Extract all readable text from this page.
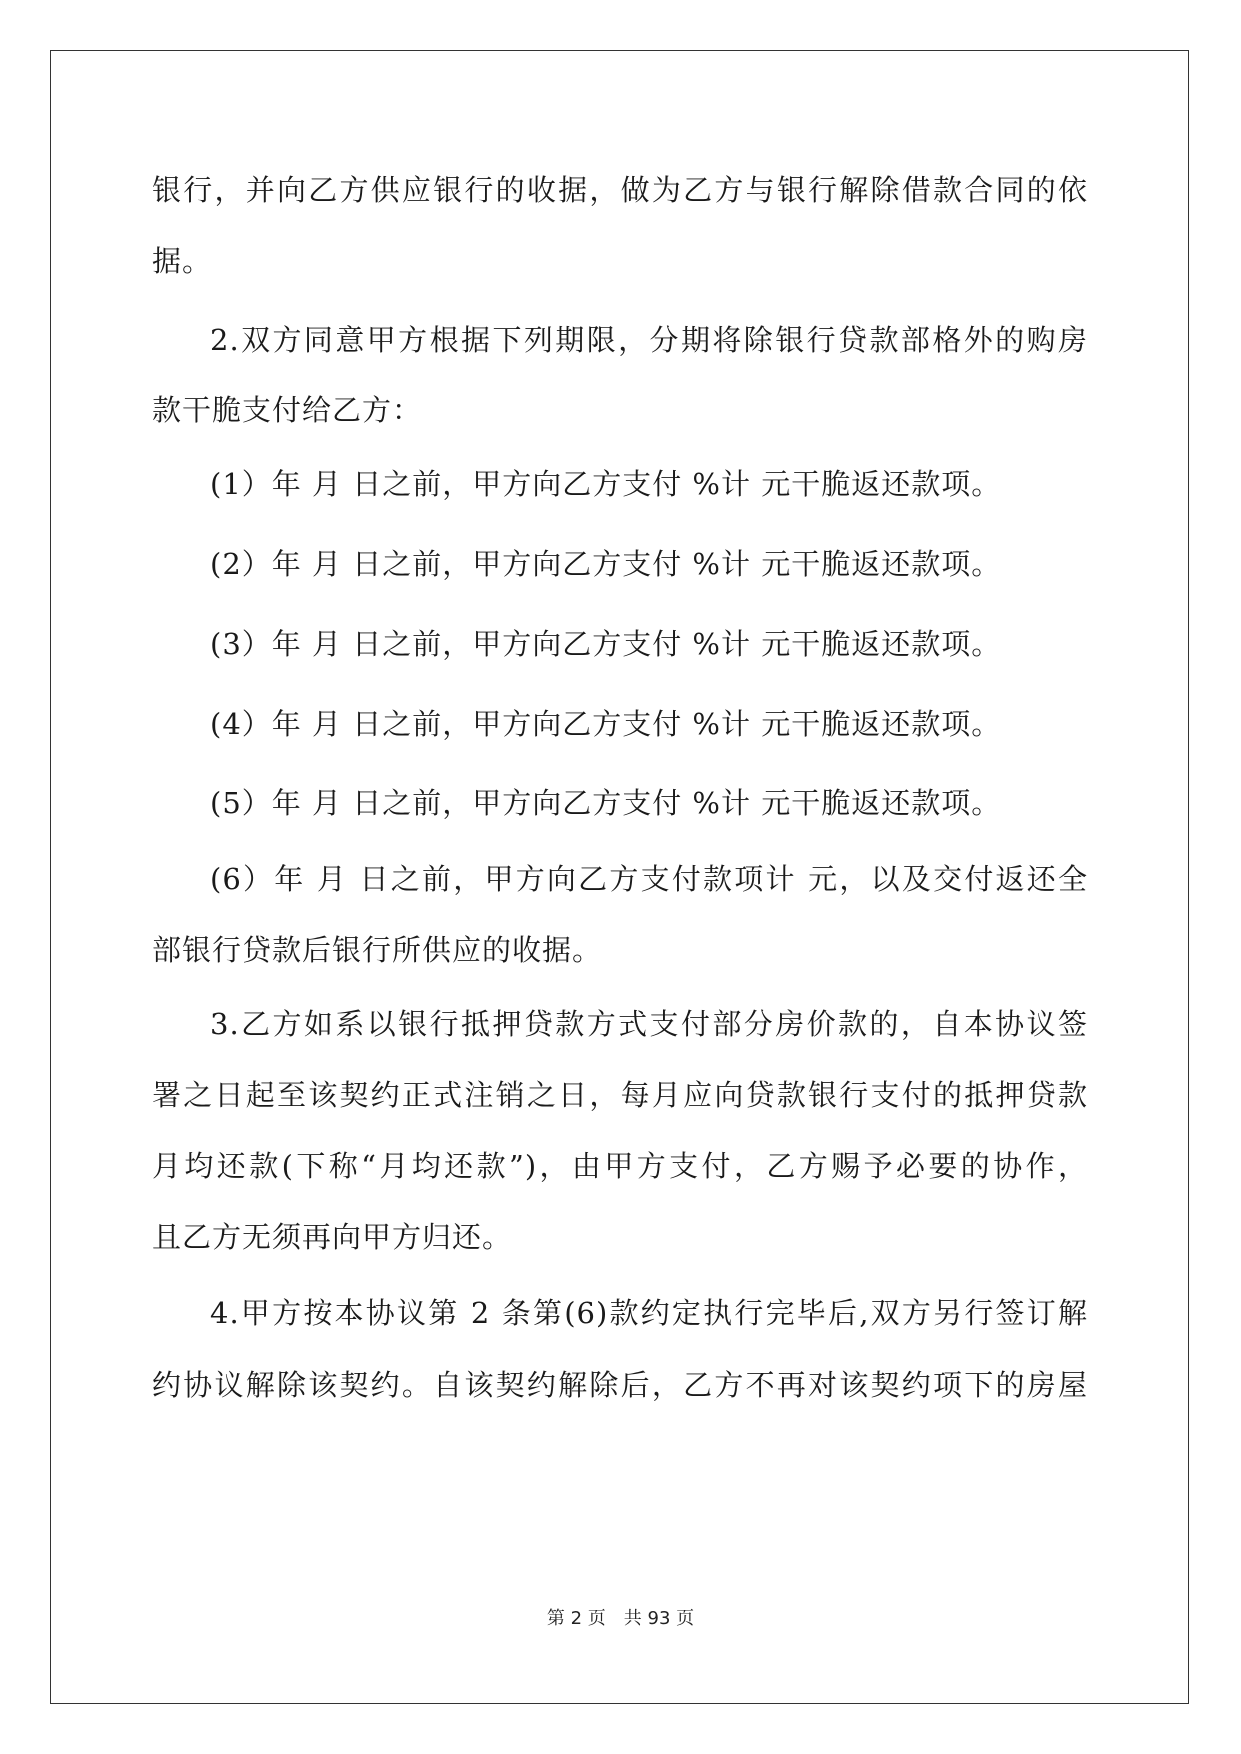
银行，并向乙方供应银行的收据，做为乙方与银行解除借款合同的依
据。
2.双方同意甲方根据下列期限，分期将除银行贷款部格外的购房
款干脆支付给乙方：
(1）年 月 日之前，甲方向乙方支付 %计 元干脆返还款项。
(2）年 月 日之前，甲方向乙方支付 %计 元干脆返还款项。
(3）年 月 日之前，甲方向乙方支付 %计 元干脆返还款项。
(4）年 月 日之前，甲方向乙方支付 %计 元干脆返还款项。
(5）年 月 日之前，甲方向乙方支付 %计 元干脆返还款项。
(6）年 月 日之前，甲方向乙方支付款项计 元，以及交付返还全
部银行贷款后银行所供应的收据。
3.乙方如系以银行抵押贷款方式支付部分房价款的，自本协议签
署之日起至该契约正式注销之日，每月应向贷款银行支付的抵押贷款
月均还款(下称“月均还款”)，由甲方支付，乙方赐予必要的协作，
且乙方无须再向甲方归还。
4.甲方按本协议第 2 条第(6)款约定执行完毕后,双方另行签订解
约协议解除该契约。自该契约解除后，乙方不再对该契约项下的房屋
第 2 页　共 93 页
